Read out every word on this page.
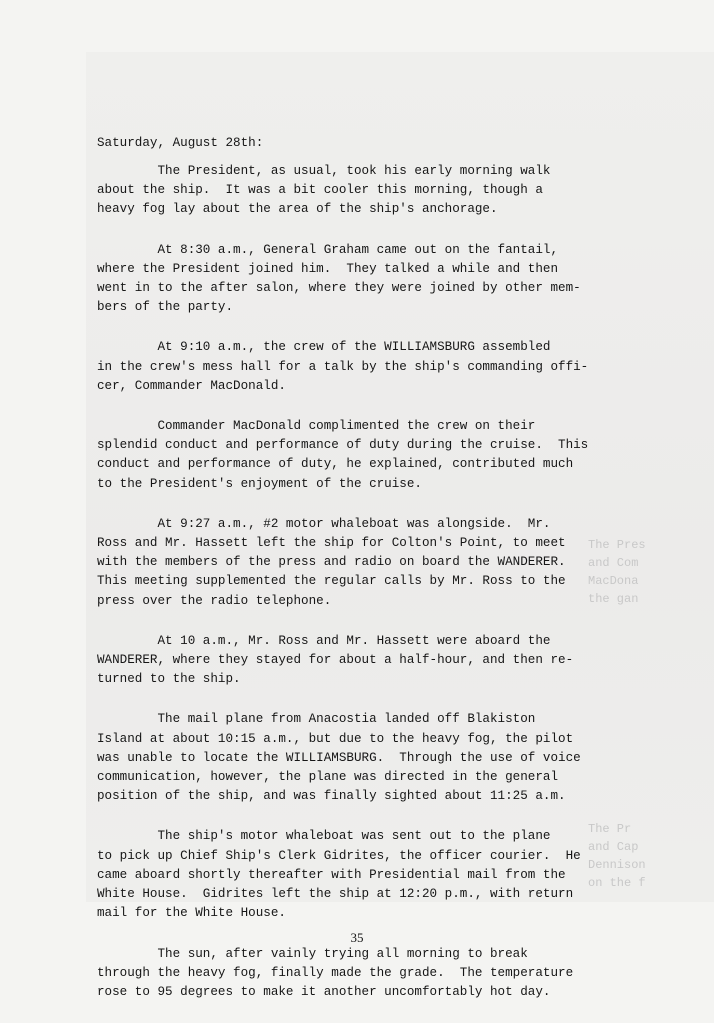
The Pres
and Com
MacDona
the gan
The Pr
and Cap
Dennison
on the f

Saturday, August 28th:

The President, as usual, took his early morning walk
about the ship.  It was a bit cooler this morning, though a
heavy fog lay about the area of the ship's anchorage.
At 8:30 a.m., General Graham came out on the fantail,
where the President joined him.  They talked a while and then
went in to the after salon, where they were joined by other mem-
bers of the party.
At 9:10 a.m., the crew of the WILLIAMSBURG assembled
in the crew's mess hall for a talk by the ship's commanding offi-
cer, Commander MacDonald.
Commander MacDonald complimented the crew on their
splendid conduct and performance of duty during the cruise.  This
conduct and performance of duty, he explained, contributed much
to the President's enjoyment of the cruise.
At 9:27 a.m., #2 motor whaleboat was alongside.  Mr.
Ross and Mr. Hassett left the ship for Colton's Point, to meet
with the members of the press and radio on board the WANDERER.
This meeting supplemented the regular calls by Mr. Ross to the
press over the radio telephone.
At 10 a.m., Mr. Ross and Mr. Hassett were aboard the
WANDERER, where they stayed for about a half-hour, and then re-
turned to the ship.
The mail plane from Anacostia landed off Blakiston
Island at about 10:15 a.m., but due to the heavy fog, the pilot
was unable to locate the WILLIAMSBURG.  Through the use of voice
communication, however, the plane was directed in the general
position of the ship, and was finally sighted about 11:25 a.m.
The ship's motor whaleboat was sent out to the plane
to pick up Chief Ship's Clerk Gidrites, the officer courier.  He
came aboard shortly thereafter with Presidential mail from the
White House.  Gidrites left the ship at 12:20 p.m., with return
mail for the White House.
The sun, after vainly trying all morning to break
through the heavy fog, finally made the grade.  The temperature
rose to 95 degrees to make it another uncomfortably hot day.
35
